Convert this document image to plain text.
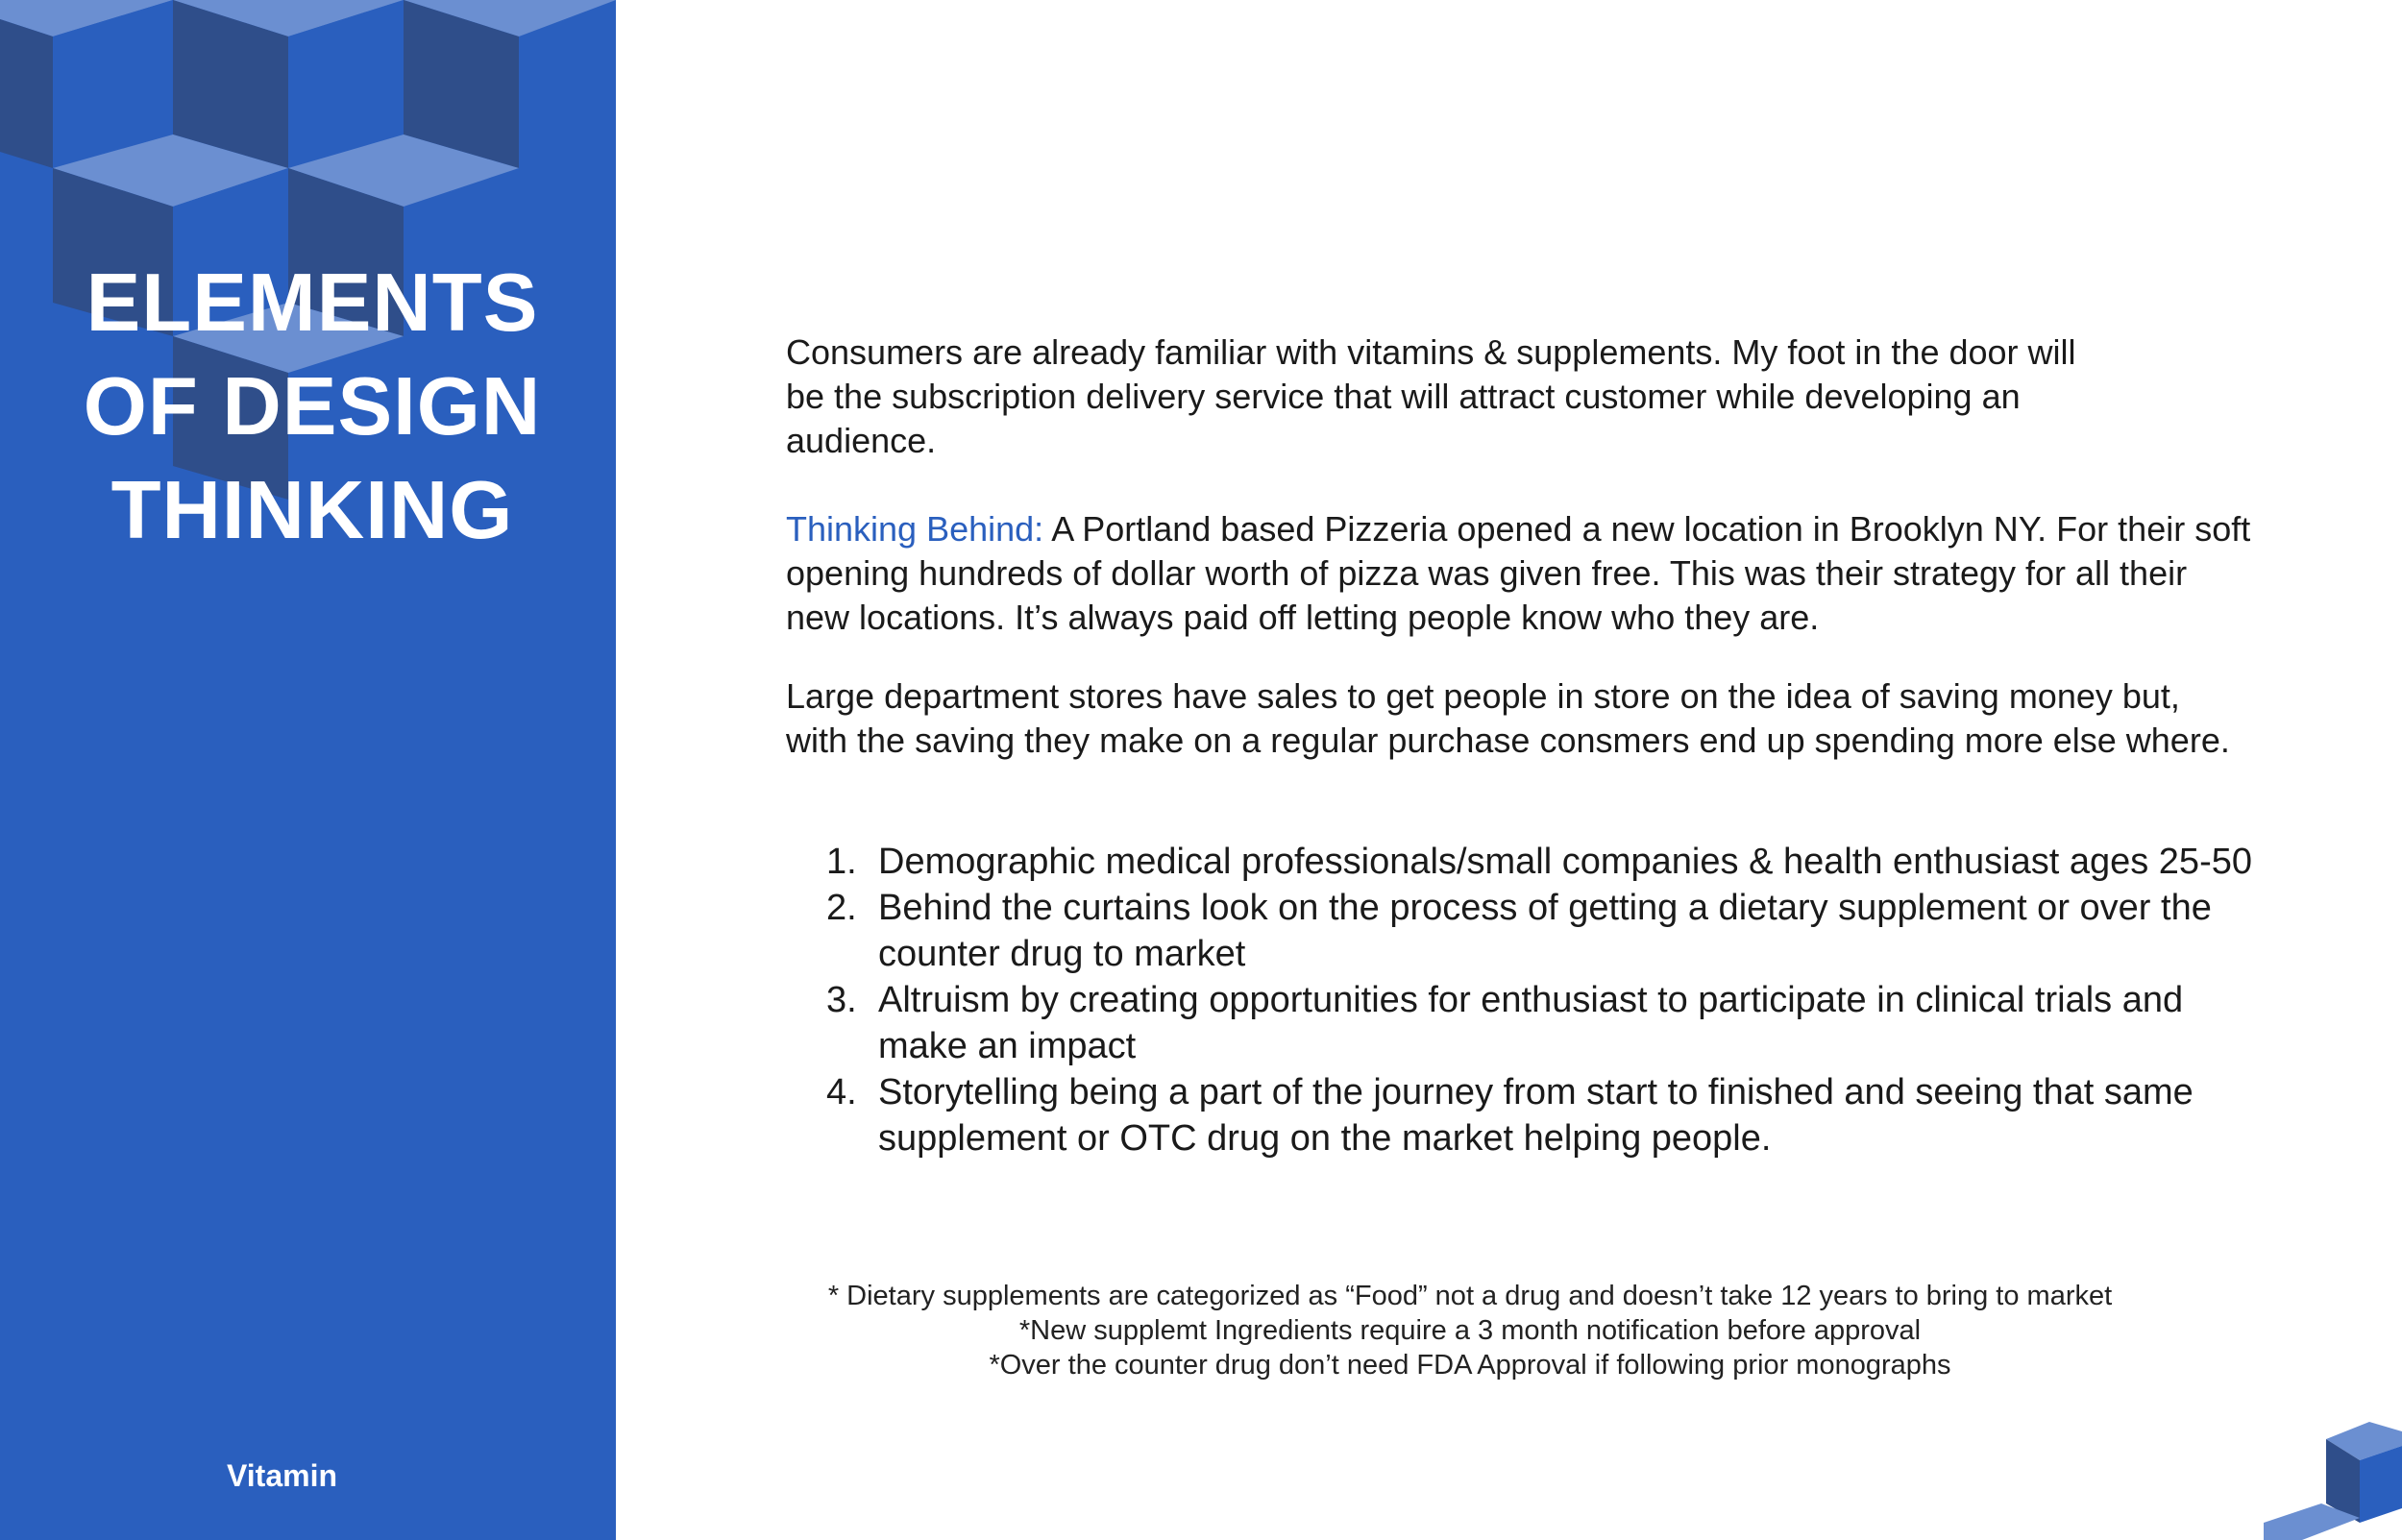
ELEMENTS
OF DESIGN
THINKING
Vitamin

Consumers are already familiar with vitamins & supplements. My foot in the door will

be the subscription delivery service that will attract customer while developing an

audience.

Thinking Behind: A Portland based Pizzeria opened a new location in Brooklyn NY. For their soft

opening hundreds of dollar worth of pizza was given free. This was their strategy for all their

new locations. It’s always paid off letting people know who they are.

Large department stores have sales to get people in store on the idea of saving money but,

with the saving they make on a regular purchase consmers end up spending more else where.

1. Demographic medical professionals/small companies & health enthusiast ages 25-50
2. Behind the curtains look on the process of getting a dietary supplement or over the
counter drug to market
3. Altruism by creating opportunities for enthusiast to participate in clinical trials and
make an impact
4. Storytelling being a part of the journey from start to finished and seeing that same
supplement or OTC drug on the market helping people.
* Dietary supplements are categorized as “Food” not a drug and doesn’t take 12 years to bring to market
*New supplemt Ingredients require a 3 month notification before approval
*Over the counter drug don’t need FDA Approval if following prior monographs
